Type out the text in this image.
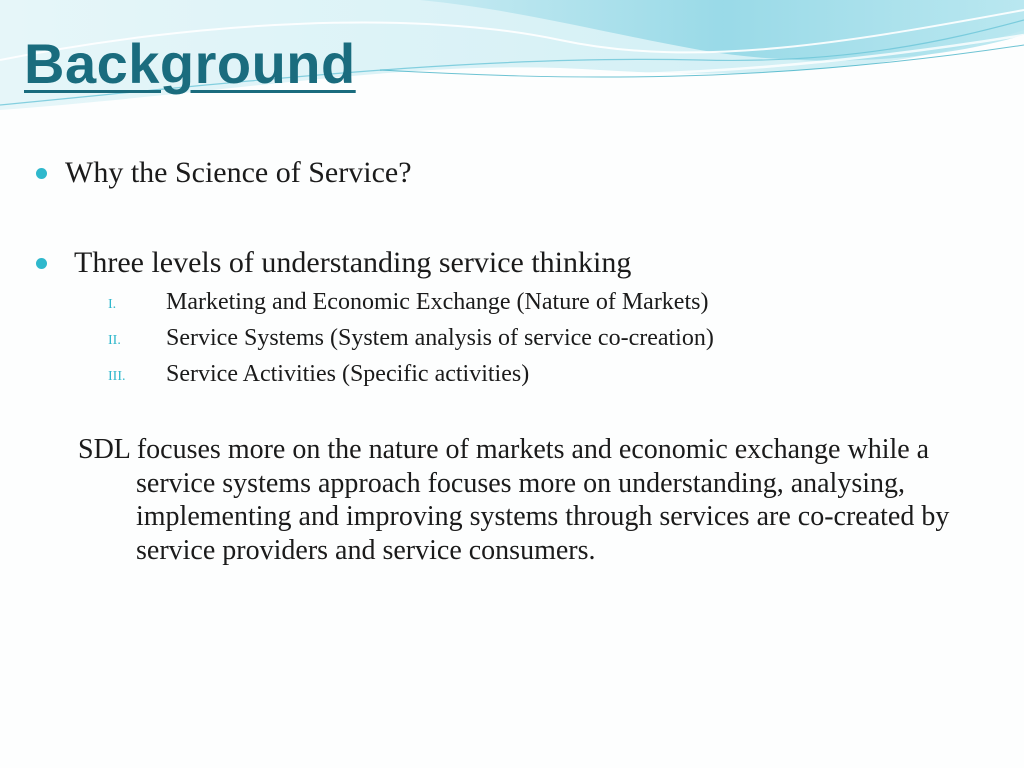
Background
Why the Science of Service?
Three levels of understanding service thinking
I. Marketing and Economic Exchange (Nature of Markets)
II. Service Systems (System analysis of service co-creation)
III. Service Activities (Specific activities)

SDL focuses more on the nature of markets and economic exchange while a service systems approach focuses more on understanding, analysing, implementing and improving systems through services are co-created by service providers and service consumers.
